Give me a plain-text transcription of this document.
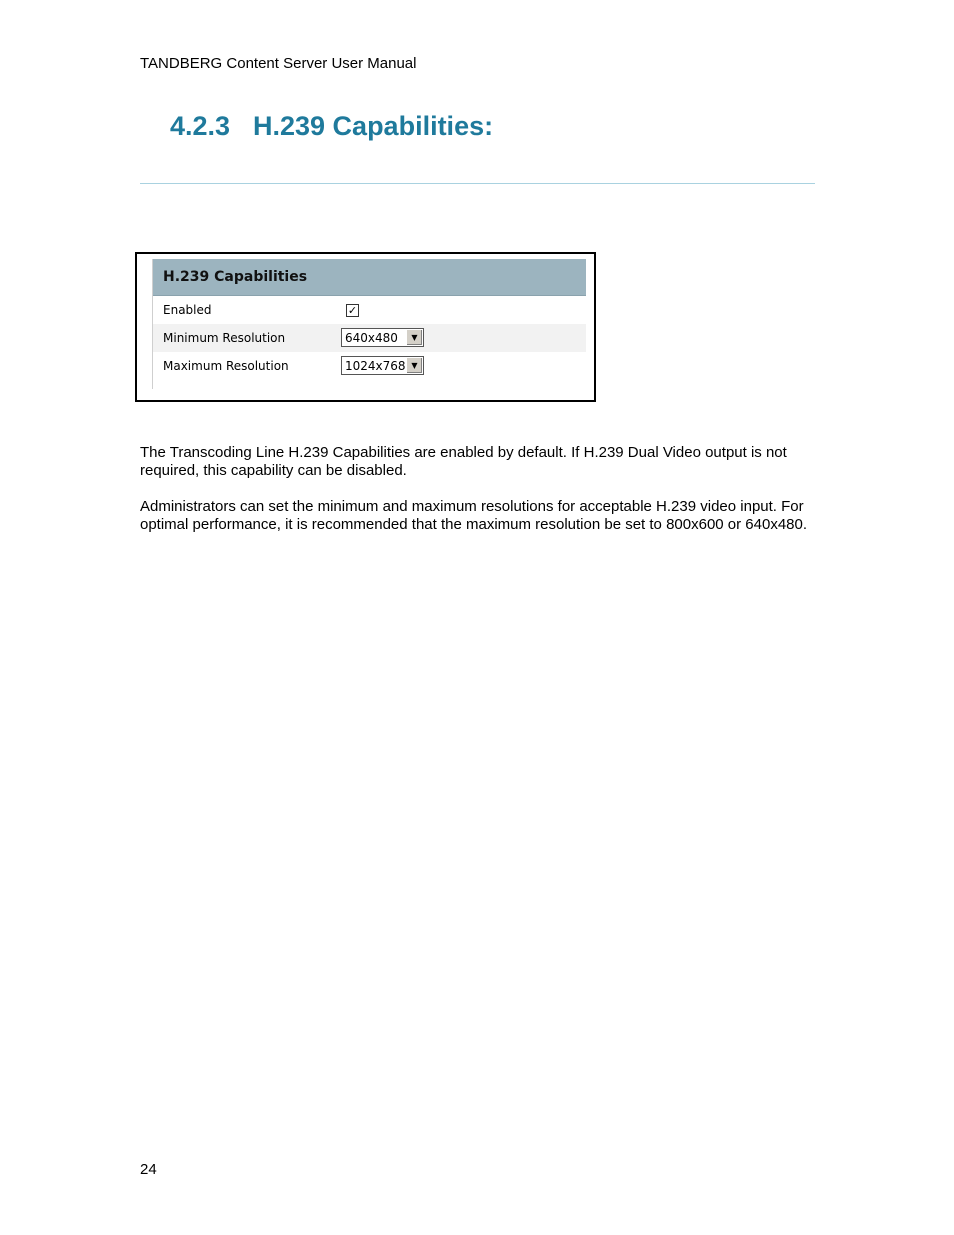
TANDBERG Content Server User Manual
4.2.3 H.239 Capabilities:
H.239 Capabilities
Enabled	✓
Minimum Resolution	640x480	▼
Maximum Resolution	1024x768 ▼

The Transcoding Line H.239 Capabilities are enabled by default. If H.239 Dual Video output is not required, this capability can be disabled.

Administrators can set the minimum and maximum resolutions for acceptable H.239 video input. For optimal performance, it is recommended that the maximum resolution be set to 800x600 or 640x480.

24
